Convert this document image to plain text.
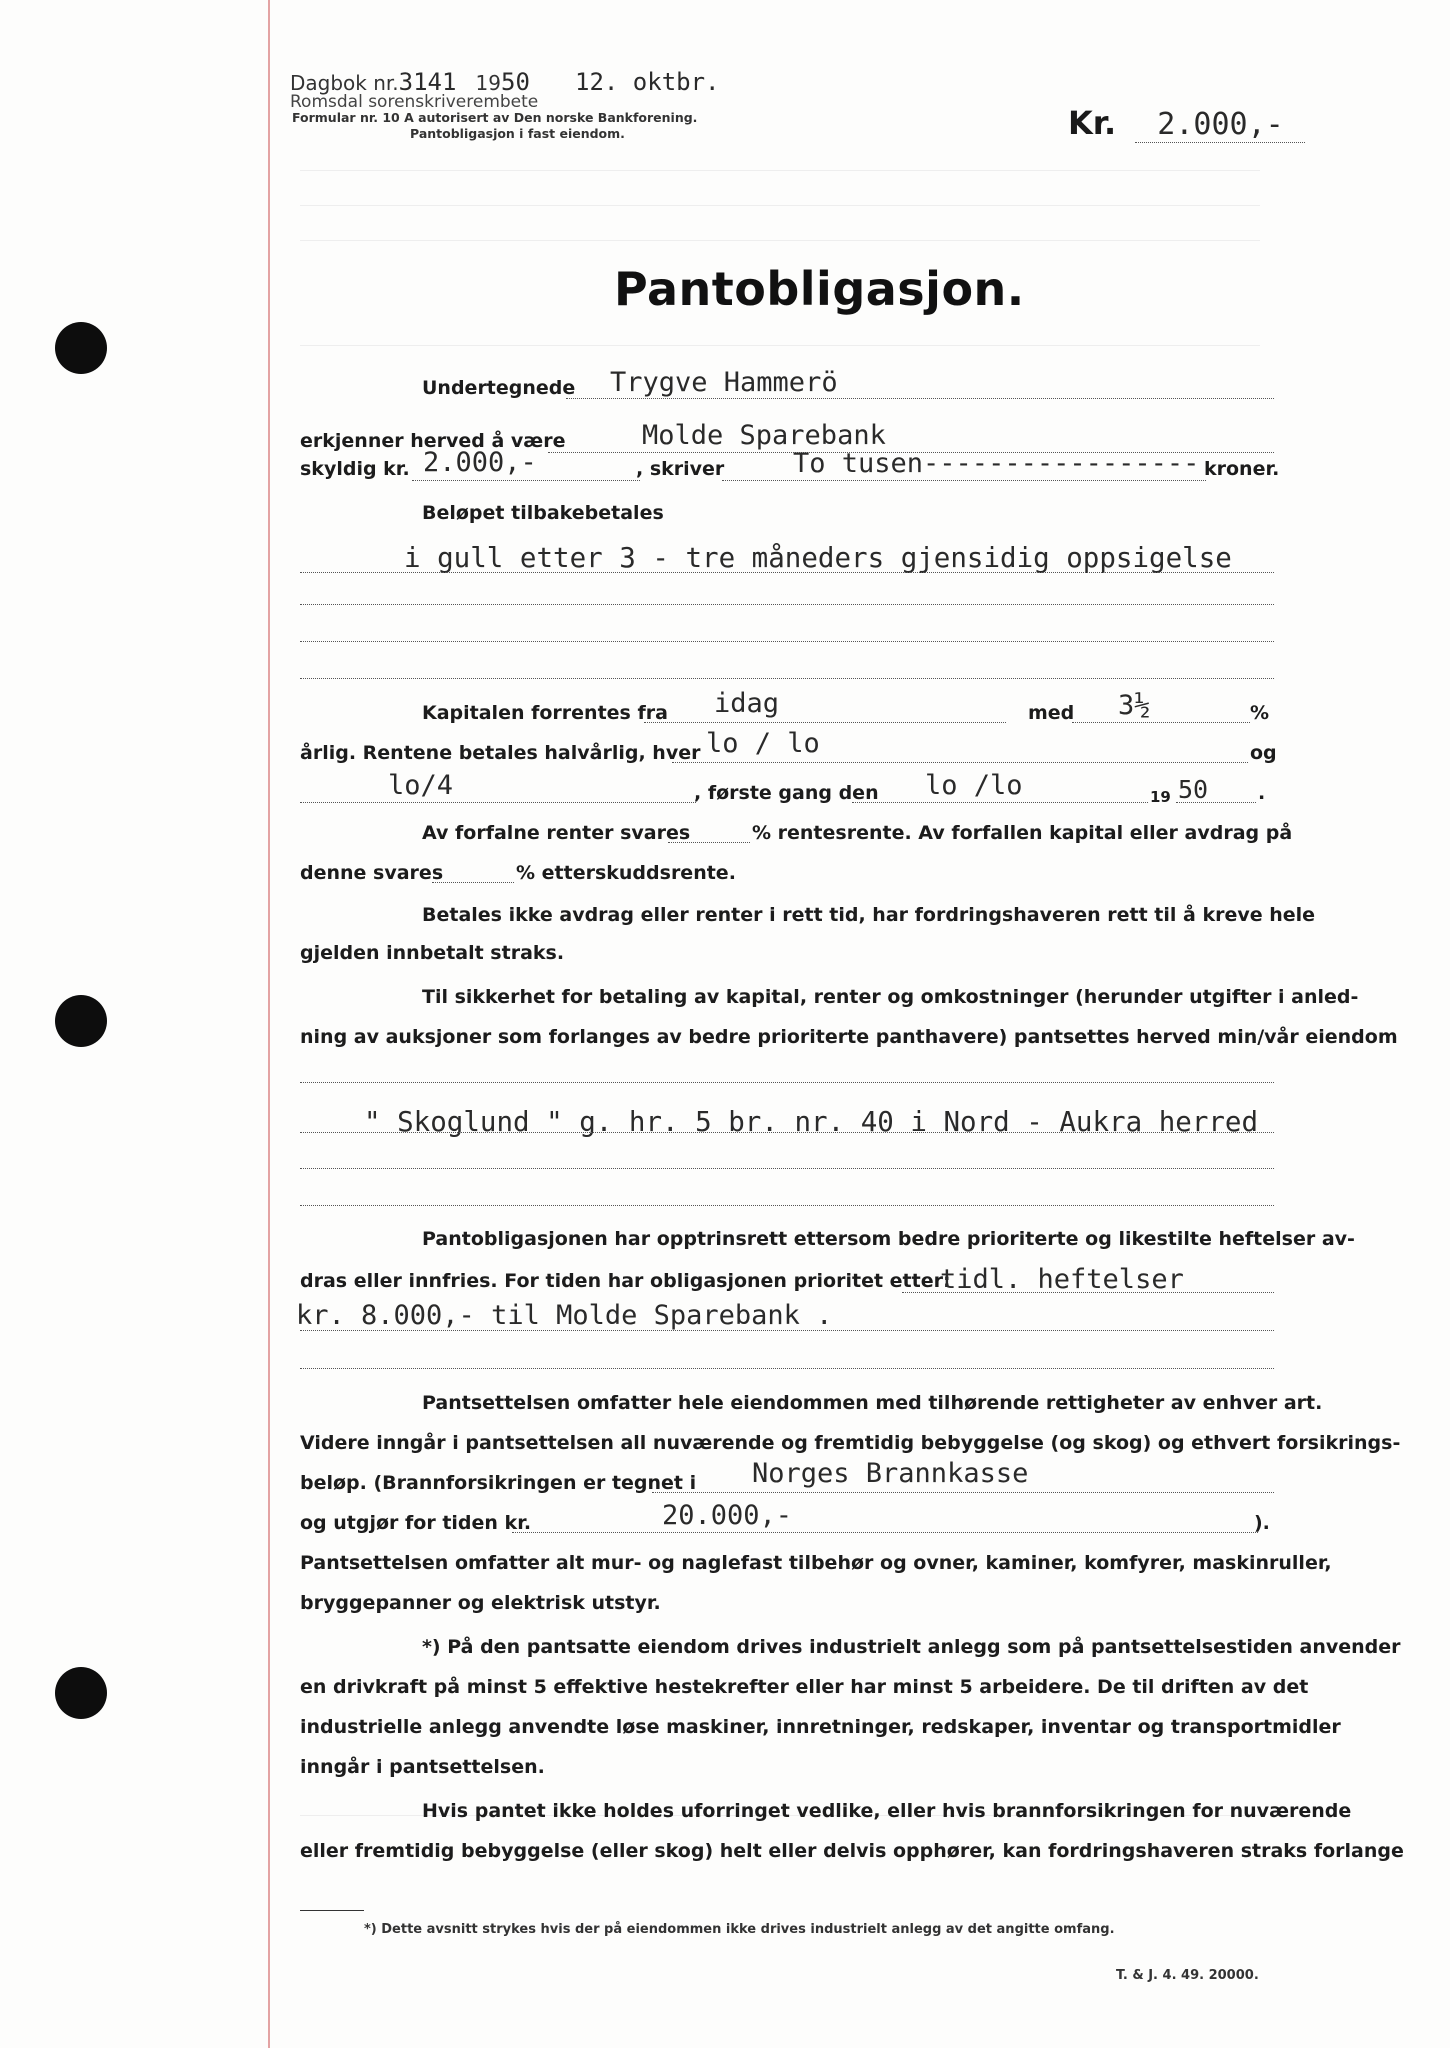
Dagbok nr.3141 1950 12. oktbr.
Romsdal sorenskriverembete
Formular nr. 10 A autorisert av Den norske Bankforening.
Pantobligasjon i fast eiendom.	Kr. 2.000,-
Pantobligasjon.
Undertegnede Trygve Hammerö
erkjenner herved å være	Molde Sparebank
skyldig kr. 2.000,-	, skriver	To tusen----------------- kroner.
Beløpet tilbakebetales
i gull etter 3 - tre måneders gjensidig oppsigelse
Kapitalen forrentes fra idag	med 3½	%
årlig. Rentene betales halvårlig, hver lo / lo	og
lo/4	, første gang den lo /lo	19 50	.
Av forfalne renter svares	% rentesrente. Av forfallen kapital eller avdrag på
denne svares	% etterskuddsrente.
Betales ikke avdrag eller renter i rett tid, har fordringshaveren rett til å kreve hele
gjelden innbetalt straks.
Til sikkerhet for betaling av kapital, renter og omkostninger (herunder utgifter i anled-
ning av auksjoner som forlanges av bedre prioriterte panthavere) pantsettes herved min/vår eiendom
" Skoglund " g. hr. 5 br. nr. 40 i Nord - Aukra herred
Pantobligasjonen har opptrinsrett ettersom bedre prioriterte og likestilte heftelser av-
dras eller innfries. For tiden har obligasjonen prioritet etter:
tidl. heftelser
kr. 8.000,- til Molde Sparebank .
Pantsettelsen omfatter hele eiendommen med tilhørende rettigheter av enhver art.
Videre inngår i pantsettelsen all nuværende og fremtidig bebyggelse (og skog) og ethvert forsikrings-
beløp. (Brannforsikringen er tegnet i Norges Brannkasse
og utgjør for tiden kr.	20.000,-	).
Pantsettelsen omfatter alt mur- og naglefast tilbehør og ovner, kaminer, komfyrer, maskinruller,
bryggepanner og elektrisk utstyr.
*) På den pantsatte eiendom drives industrielt anlegg som på pantsettelsestiden anvender
en drivkraft på minst 5 effektive hestekrefter eller har minst 5 arbeidere. De til driften av det
industrielle anlegg anvendte løse maskiner, innretninger, redskaper, inventar og transportmidler
inngår i pantsettelsen.
Hvis pantet ikke holdes uforringet vedlike, eller hvis brannforsikringen for nuværende
eller fremtidig bebyggelse (eller skog) helt eller delvis opphører, kan fordringshaveren straks forlange
*) Dette avsnitt strykes hvis der på eiendommen ikke drives industrielt anlegg av det angitte omfang.
T. & J. 4. 49. 20000.
